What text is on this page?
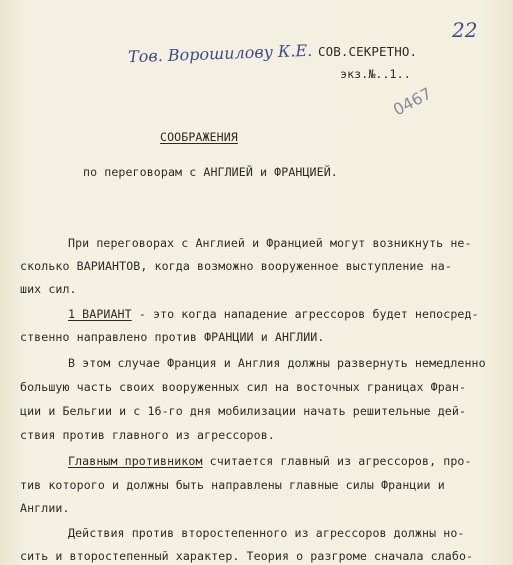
22
Тов. Ворошилову К.Е.
0467
СОВ.СЕКРЕТНО.
экз.№..1..
СООБРАЖЕНИЯ
по переговорам с АНГЛИЕЙ и ФРАНЦИЕЙ.
При переговорах с Англией и Францией могут возникнуть не-
сколько ВАРИАНТОВ, когда возможно вооруженное выступление на-
ших сил.
1 ВАРИАНТ - это когда нападение агрессоров будет непосред-
ственно направлено против ФРАНЦИИ и АНГЛИИ.
В этом случае Франция и Англия должны развернуть немедленно
большую часть своих вооруженных сил на восточных границах Фран-
ции и Бельгии и с 16-го дня мобилизации начать решительные дей-
ствия против главного из агрессоров.
Главным противником считается главный из агрессоров, про-
тив которого и должны быть направлены главные силы Франции и
Англии.
Действия против второстепенного из агрессоров должны но-
сить и второстепенный характер. Теория о разгроме сначала слабо-
